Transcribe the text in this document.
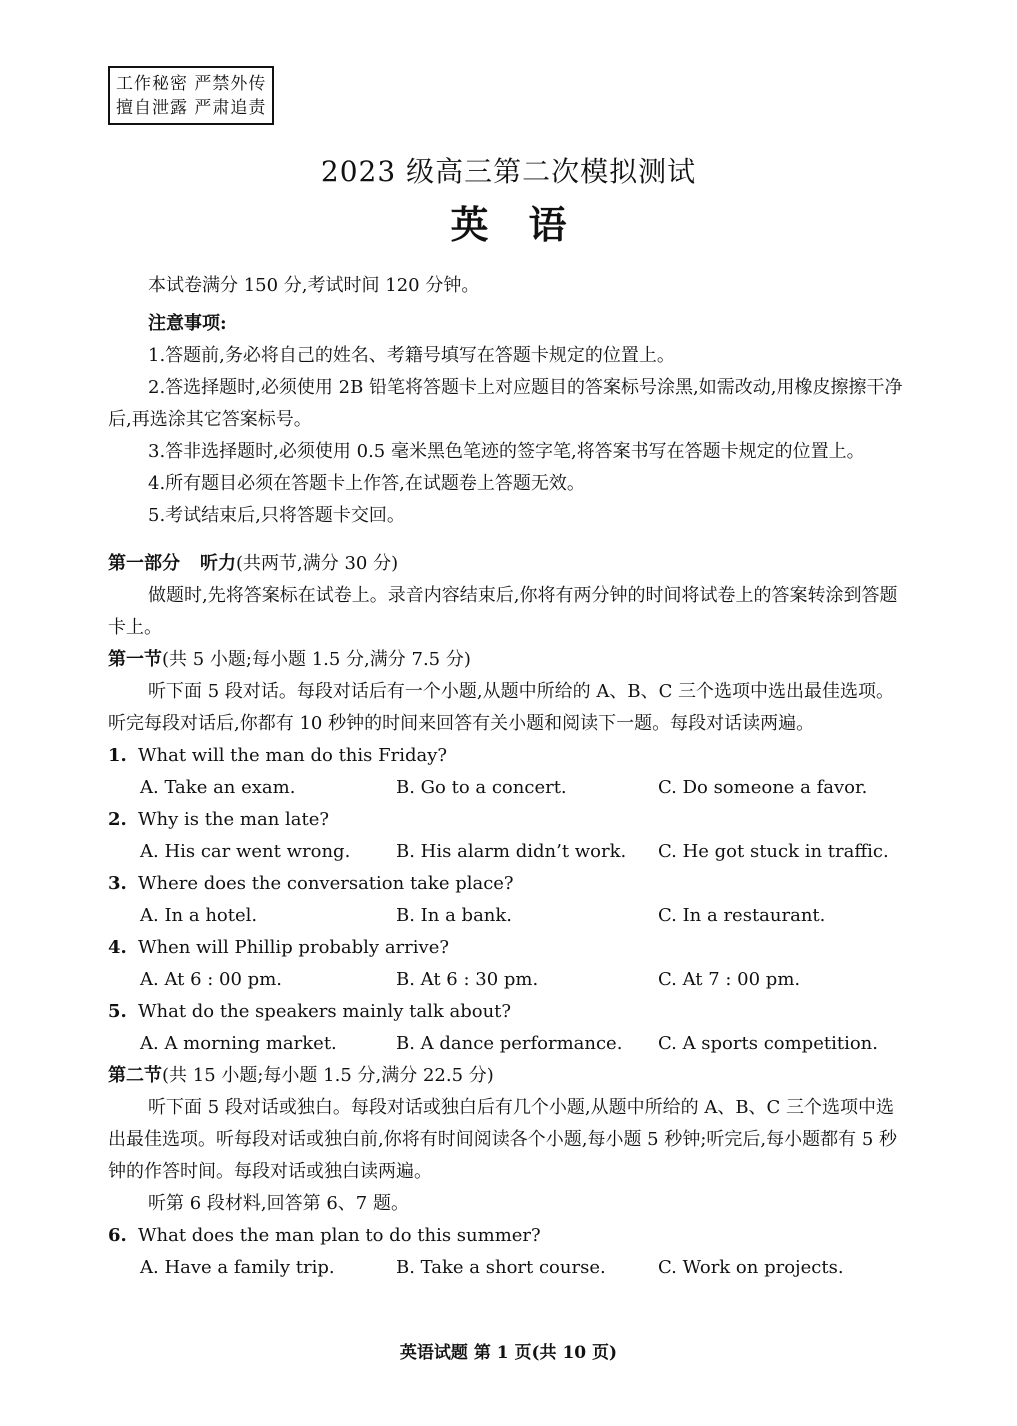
工作秘密 严禁外传
擅自泄露 严肃追责
2023 级高三第二次模拟测试
英语

本试卷满分 150 分,考试时间 120 分钟。

注意事项:

1.答题前,务必将自己的姓名、考籍号填写在答题卡规定的位置上。

2.答选择题时,必须使用 2B 铅笔将答题卡上对应题目的答案标号涂黑,如需改动,用橡皮擦擦干净后,再选涂其它答案标号。

3.答非选择题时,必须使用 0.5 毫米黑色笔迹的签字笔,将答案书写在答题卡规定的位置上。

4.所有题目必须在答题卡上作答,在试题卷上答题无效。

5.考试结束后,只将答题卡交回。

第一部分 听力(共两节,满分 30 分)

做题时,先将答案标在试卷上。录音内容结束后,你将有两分钟的时间将试卷上的答案转涂到答题卡上。

第一节(共 5 小题;每小题 1.5 分,满分 7.5 分)

听下面 5 段对话。每段对话后有一个小题,从题中所给的 A、B、C 三个选项中选出最佳选项。听完每段对话后,你都有 10 秒钟的时间来回答有关小题和阅读下一题。每段对话读两遍。

1. What will the man do this Friday?
A. Take an exam.	B. Go to a concert.	C. Do someone a favor.
2. Why is the man late?
A. His car went wrong.	B. His alarm didn’t work.	C. He got stuck in traffic.
3. Where does the conversation take place?
A. In a hotel.	B. In a bank.	C. In a restaurant.
4. When will Phillip probably arrive?
A. At 6 : 00 pm.	B. At 6 : 30 pm.	C. At 7 : 00 pm.
5. What do the speakers mainly talk about?
A. A morning market.	B. A dance performance.	C. A sports competition.

第二节(共 15 小题;每小题 1.5 分,满分 22.5 分)

听下面 5 段对话或独白。每段对话或独白后有几个小题,从题中所给的 A、B、C 三个选项中选出最佳选项。听每段对话或独白前,你将有时间阅读各个小题,每小题 5 秒钟;听完后,每小题都有 5 秒钟的作答时间。每段对话或独白读两遍。

听第 6 段材料,回答第 6、7 题。

6. What does the man plan to do this summer?
A. Have a family trip.	B. Take a short course.	C. Work on projects.
英语试题 第 1 页(共 10 页)
